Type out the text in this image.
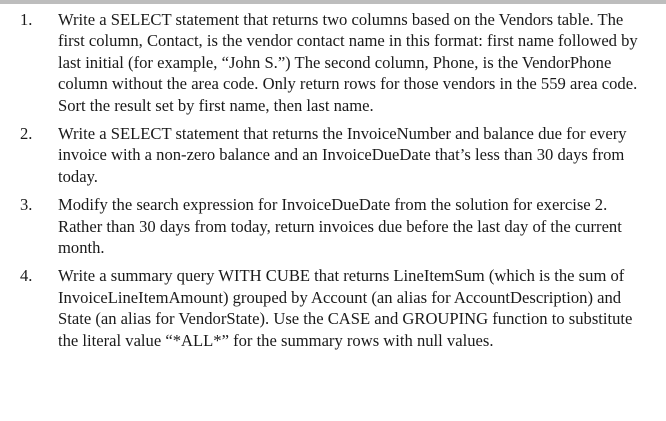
1.	Write a SELECT statement that returns two columns based on the Vendors table. The first column, Contact, is the vendor contact name in this format: first name followed by last initial (for example, “John S.”) The second column, Phone, is the VendorPhone column without the area code. Only return rows for those vendors in the 559 area code. Sort the result set by first name, then last name.
2.	Write a SELECT statement that returns the InvoiceNumber and balance due for every invoice with a non-zero balance and an InvoiceDueDate that’s less than 30 days from today.
3.	Modify the search expression for InvoiceDueDate from the solution for exercise 2. Rather than 30 days from today, return invoices due before the last day of the current month.
4.	Write a summary query WITH CUBE that returns LineItemSum (which is the sum of InvoiceLineItemAmount) grouped by Account (an alias for AccountDescription) and State (an alias for VendorState). Use the CASE and GROUPING function to substitute the literal value “*ALL*” for the summary rows with null values.
